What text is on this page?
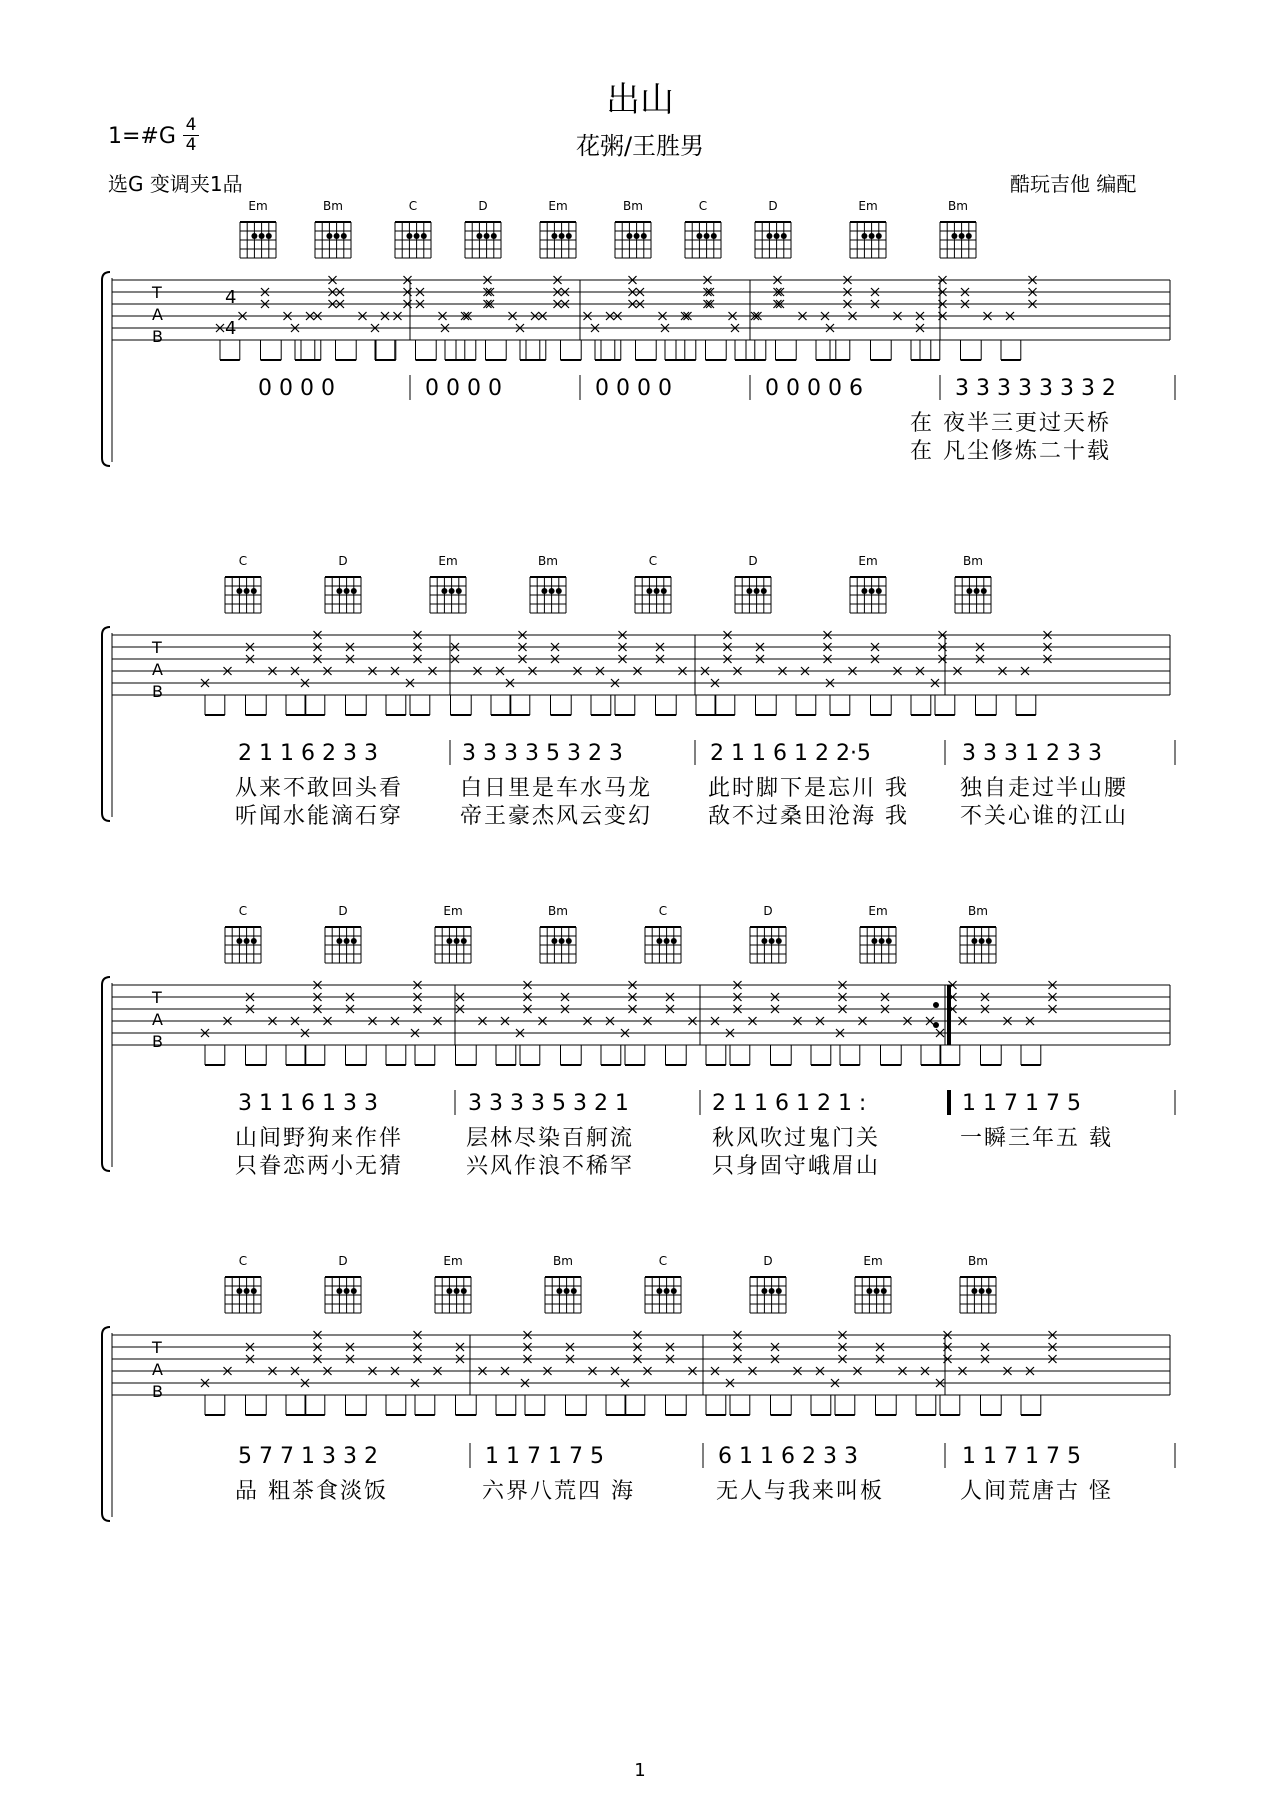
出山
花粥/王胜男
1=#G 4
4
选G 变调夹1品	酷玩吉他 编配
T
A
B
4
4
Em	Bm	C	D	Em	Bm	C	D	Em	Bm
0 0 0 0	0 0 0 0	0 0 0 0	0 0 0 0 6	3 3 3 3 3 3 3 2
在 夜半三更过天桥
在 凡尘修炼二十载
T
A
B
C	D	Em	Bm	C	D	Em	Bm
2 1 1 6 2 3 3	3 3 3 3 5 3 2 3	2 1 1 6 1 2 2·5	3 3 3 1 2 3 3
从来不敢回头看	白日里是车水马龙	此时脚下是忘川 我 独自走过半山腰
听闻水能滴石穿	帝王豪杰风云变幻	敌不过桑田沧海 我 不关心谁的江山
T
A
B
C	D	Em	Bm	C	D	Em	Bm
3 1 1 6 1 3 3	3 3 3 3 5 3 2 1	2 1 1 6 1 2 1 :	1 1 7 1 7 5
山间野狗来作伴	层林尽染百舸流	秋风吹过鬼门关	一瞬三年五 载
只眷恋两小无猜	兴风作浪不稀罕	只身固守峨眉山
T
A
B
C	D	Em	Bm	C	D	Em	Bm
5 7 7 1 3 3 2	1 1 7 1 7 5	6 1 1 6 2 3 3	1 1 7 1 7 5
品 粗茶食淡饭	六界八荒四 海	无人与我来叫板	人间荒唐古 怪
1
